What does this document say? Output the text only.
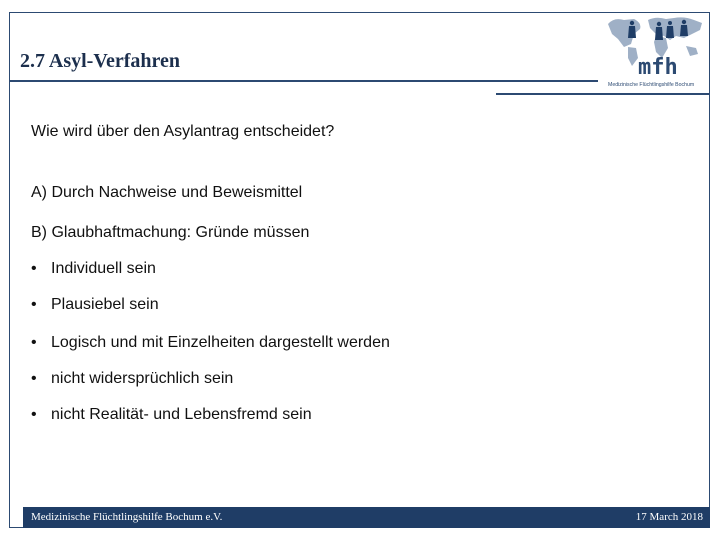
2.7 Asyl-Verfahren	mfh
Medizinische Flüchtlingshilfe Bochum
Wie wird über den Asylantrag entscheidet?
A) Durch Nachweise und Beweismittel
B) Glaubhaftmachung: Gründe müssen
• Individuell sein
• Plausiebel sein
• Logisch und mit Einzelheiten dargestellt werden
• nicht widersprüchlich sein
• nicht Realität- und Lebensfremd sein
Medizinische Flüchtlingshilfe Bochum e.V.	17 March 2018
